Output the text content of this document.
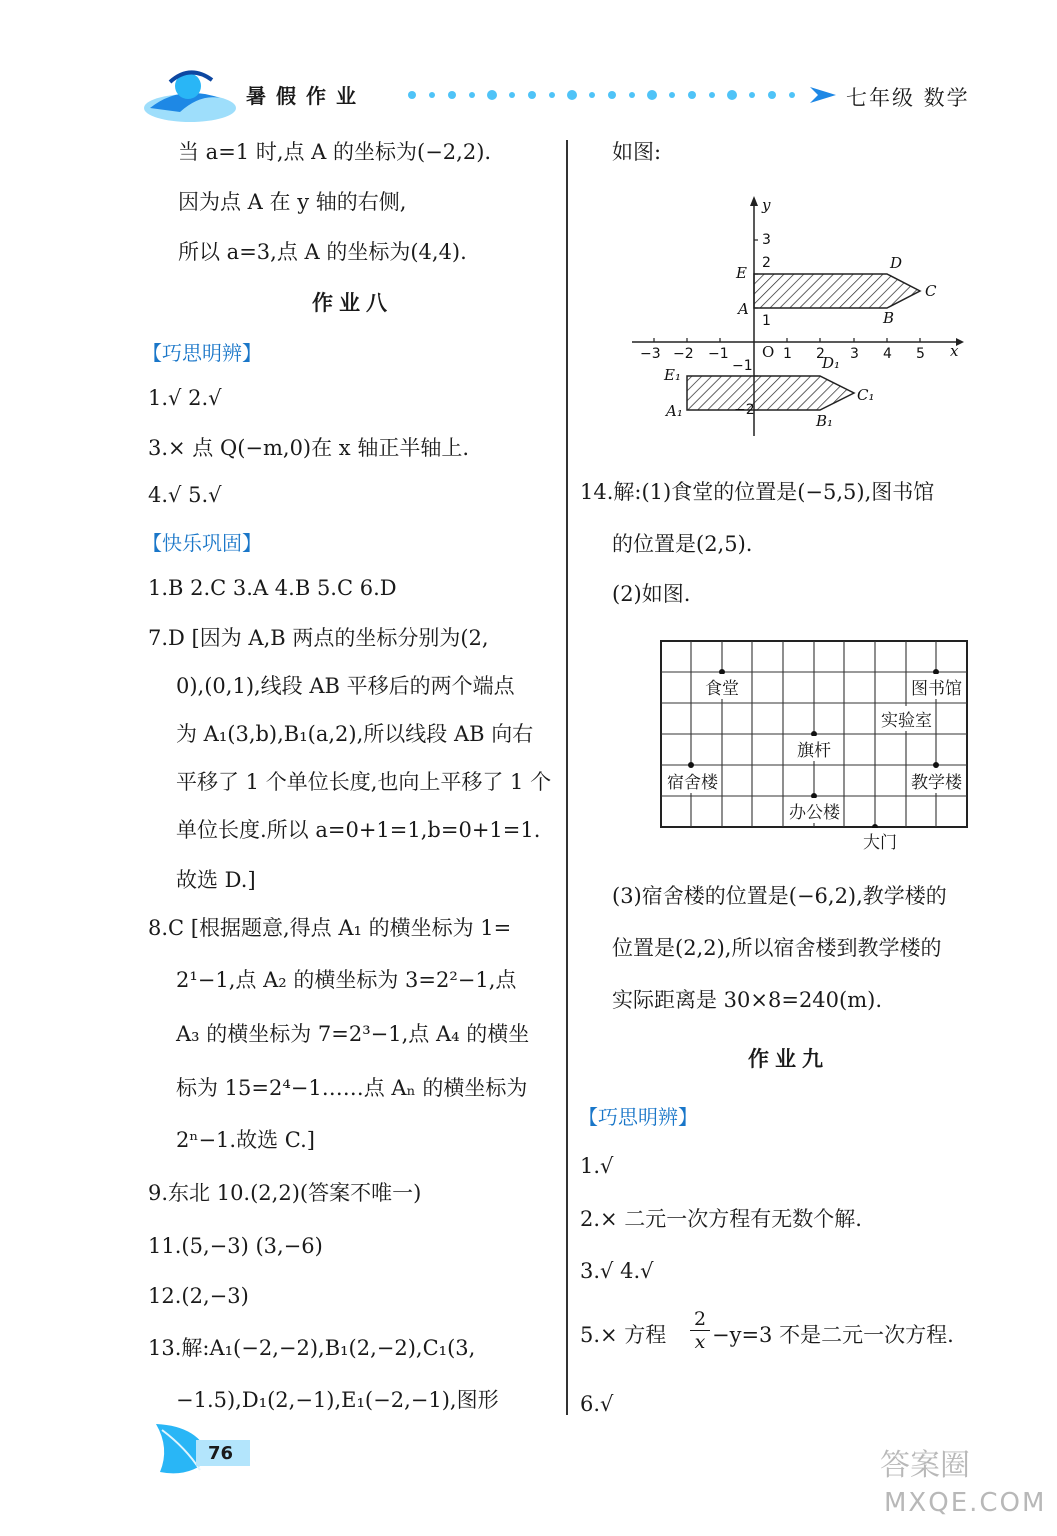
暑假作业	七年级 数学
当 a=1 时,点 A 的坐标为(−2,2).
因为点 A 在 y 轴的右侧,
所以 a=3,点 A 的坐标为(4,4).
作业八
【巧思明辨】
1.√ 2.√
3.× 点 Q(−m,0)在 x 轴正半轴上.
4.√ 5.√
【快乐巩固】
1.B 2.C 3.A 4.B 5.C 6.D
7.D [因为 A,B 两点的坐标分别为(2,
0),(0,1),线段 AB 平移后的两个端点
为 A₁(3,b),B₁(a,2),所以线段 AB 向右
平移了 1 个单位长度,也向上平移了 1 个
单位长度.所以 a=0+1=1,b=0+1=1.
故选 D.]
8.C [根据题意,得点 A₁ 的横坐标为 1=
2¹−1,点 A₂ 的横坐标为 3=2²−1,点
A₃ 的横坐标为 7=2³−1,点 A₄ 的横坐
标为 15=2⁴−1……点 Aₙ 的横坐标为
2ⁿ−1.故选 C.]
9.东北 10.(2,2)(答案不唯一)
11.(5,−3) (3,−6)
12.(2,−3)
13.解:A₁(−2,−2),B₁(2,−2),C₁(3,
−1.5),D₁(2,−1),E₁(−2,−1),图形
如图:
x
y
O
E
D
C
A	B
E₁
D₁
C₁
A₁
B₁
−3 −2 −1	1 2 3 4 5
3
2
1
−1
−2
14.解:(1)食堂的位置是(−5,5),图书馆
的位置是(2,5).
(2)如图.
食堂	图书馆
实验室
旗杆
宿舍楼	教学楼
办公楼
大门
(3)宿舍楼的位置是(−6,2),教学楼的
位置是(2,2),所以宿舍楼到教学楼的
实际距离是 30×8=240(m).
作业九
【巧思明辨】
1.√
2.× 二元一次方程有无数个解.
3.√ 4.√
5.× 方程 $\frac{2}{x} -y=3$ 不是二元一次方程.
6.√
76	答案圈
MXQE.COM
